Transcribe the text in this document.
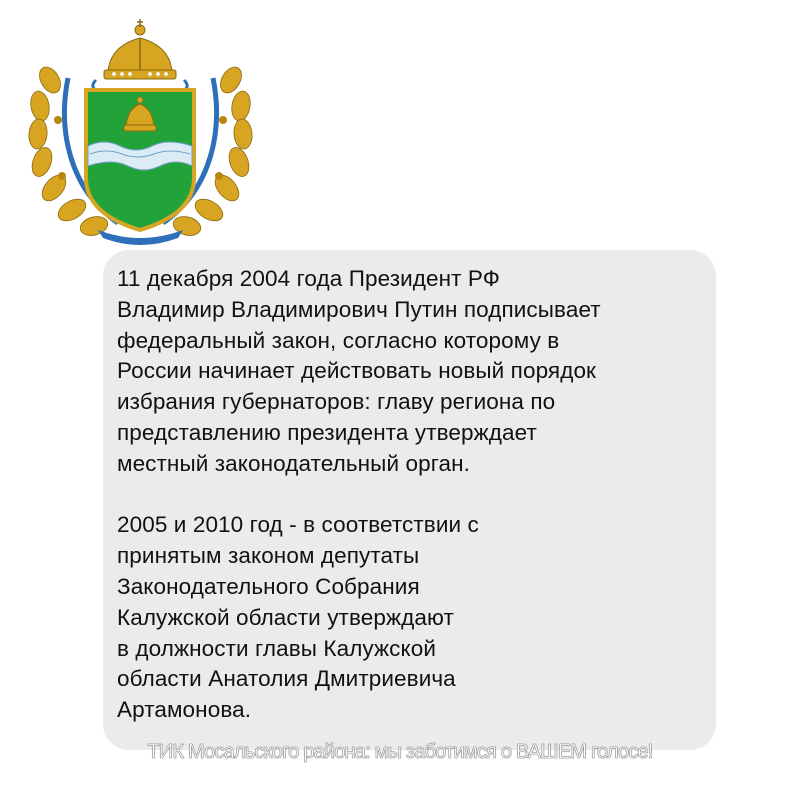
11 декабря 2004 года Президент РФ
Владимир Владимирович Путин подписывает
федеральный закон, согласно которому в
России начинает действовать новый порядок
избрания губернаторов: главу региона по
представлению президента утверждает
местный законодательный орган.

2005 и 2010 год - в соответствии с
принятым законом депутаты
Законодательного Собрания
Калужской области утверждают
в должности главы Калужской
области Анатолия Дмитриевича
Артамонова.

ТИК Мосальского района: мы заботимся о ВАШЕМ голосе!
